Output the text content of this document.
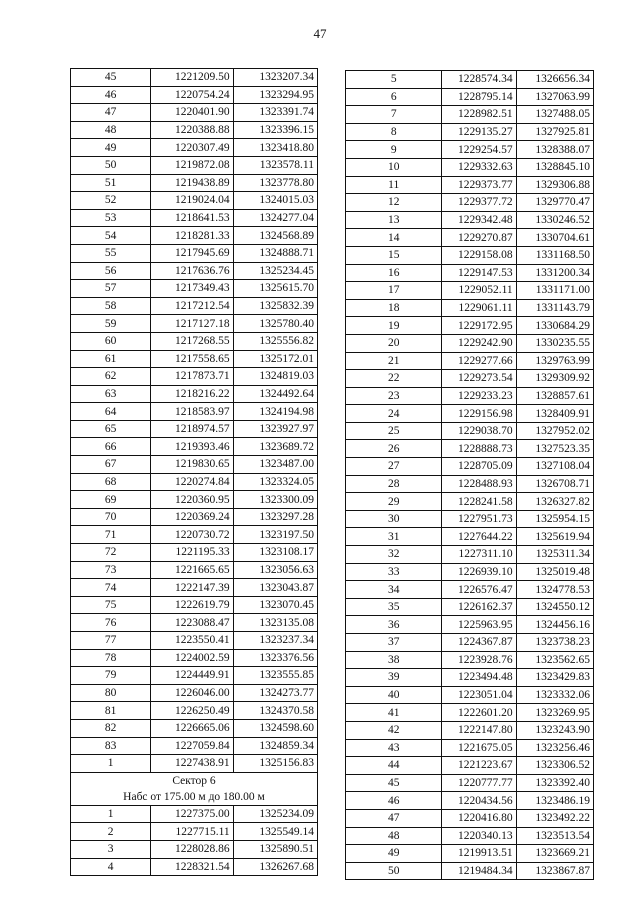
47
45	1221209.50	1323207.34
46	1220754.24	1323294.95
47	1220401.90	1323391.74
48	1220388.88	1323396.15
49	1220307.49	1323418.80
50	1219872.08	1323578.11
51	1219438.89	1323778.80
52	1219024.04	1324015.03
53	1218641.53	1324277.04
54	1218281.33	1324568.89
55	1217945.69	1324888.71
56	1217636.76	1325234.45
57	1217349.43	1325615.70
58	1217212.54	1325832.39
59	1217127.18	1325780.40
60	1217268.55	1325556.82
61	1217558.65	1325172.01
62	1217873.71	1324819.03
63	1218216.22	1324492.64
64	1218583.97	1324194.98
65	1218974.57	1323927.97
66	1219393.46	1323689.72
67	1219830.65	1323487.00
68	1220274.84	1323324.05
69	1220360.95	1323300.09
70	1220369.24	1323297.28
71	1220730.72	1323197.50
72	1221195.33	1323108.17
73	1221665.65	1323056.63
74	1222147.39	1323043.87
75	1222619.79	1323070.45
76	1223088.47	1323135.08
77	1223550.41	1323237.34
78	1224002.59	1323376.56
79	1224449.91	1323555.85
80	1226046.00	1324273.77
81	1226250.49	1324370.58
82	1226665.06	1324598.60
83	1227059.84	1324859.34
1	1227438.91	1325156.83

Сектор 6
Набс от 175.00 м до 180.00 м		

1	1227375.00	1325234.09
2	1227715.11	1325549.14
3	1228028.86	1325890.51
4	1228321.54	1326267.68
5	1228574.34	1326656.34
6	1228795.14	1327063.99
7	1228982.51	1327488.05
8	1229135.27	1327925.81
9	1229254.57	1328388.07
10	1229332.63	1328845.10
11	1229373.77	1329306.88
12	1229377.72	1329770.47
13	1229342.48	1330246.52
14	1229270.87	1330704.61
15	1229158.08	1331168.50
16	1229147.53	1331200.34
17	1229052.11	1331171.00
18	1229061.11	1331143.79
19	1229172.95	1330684.29
20	1229242.90	1330235.55
21	1229277.66	1329763.99
22	1229273.54	1329309.92
23	1229233.23	1328857.61
24	1229156.98	1328409.91
25	1229038.70	1327952.02
26	1228888.73	1327523.35
27	1228705.09	1327108.04
28	1228488.93	1326708.71
29	1228241.58	1326327.82
30	1227951.73	1325954.15
31	1227644.22	1325619.94
32	1227311.10	1325311.34
33	1226939.10	1325019.48
34	1226576.47	1324778.53
35	1226162.37	1324550.12
36	1225963.95	1324456.16
37	1224367.87	1323738.23
38	1223928.76	1323562.65
39	1223494.48	1323429.83
40	1223051.04	1323332.06
41	1222601.20	1323269.95
42	1222147.80	1323243.90
43	1221675.05	1323256.46
44	1221223.67	1323306.52
45	1220777.77	1323392.40
46	1220434.56	1323486.19
47	1220416.80	1323492.22
48	1220340.13	1323513.54
49	1219913.51	1323669.21
50	1219484.34	1323867.87
